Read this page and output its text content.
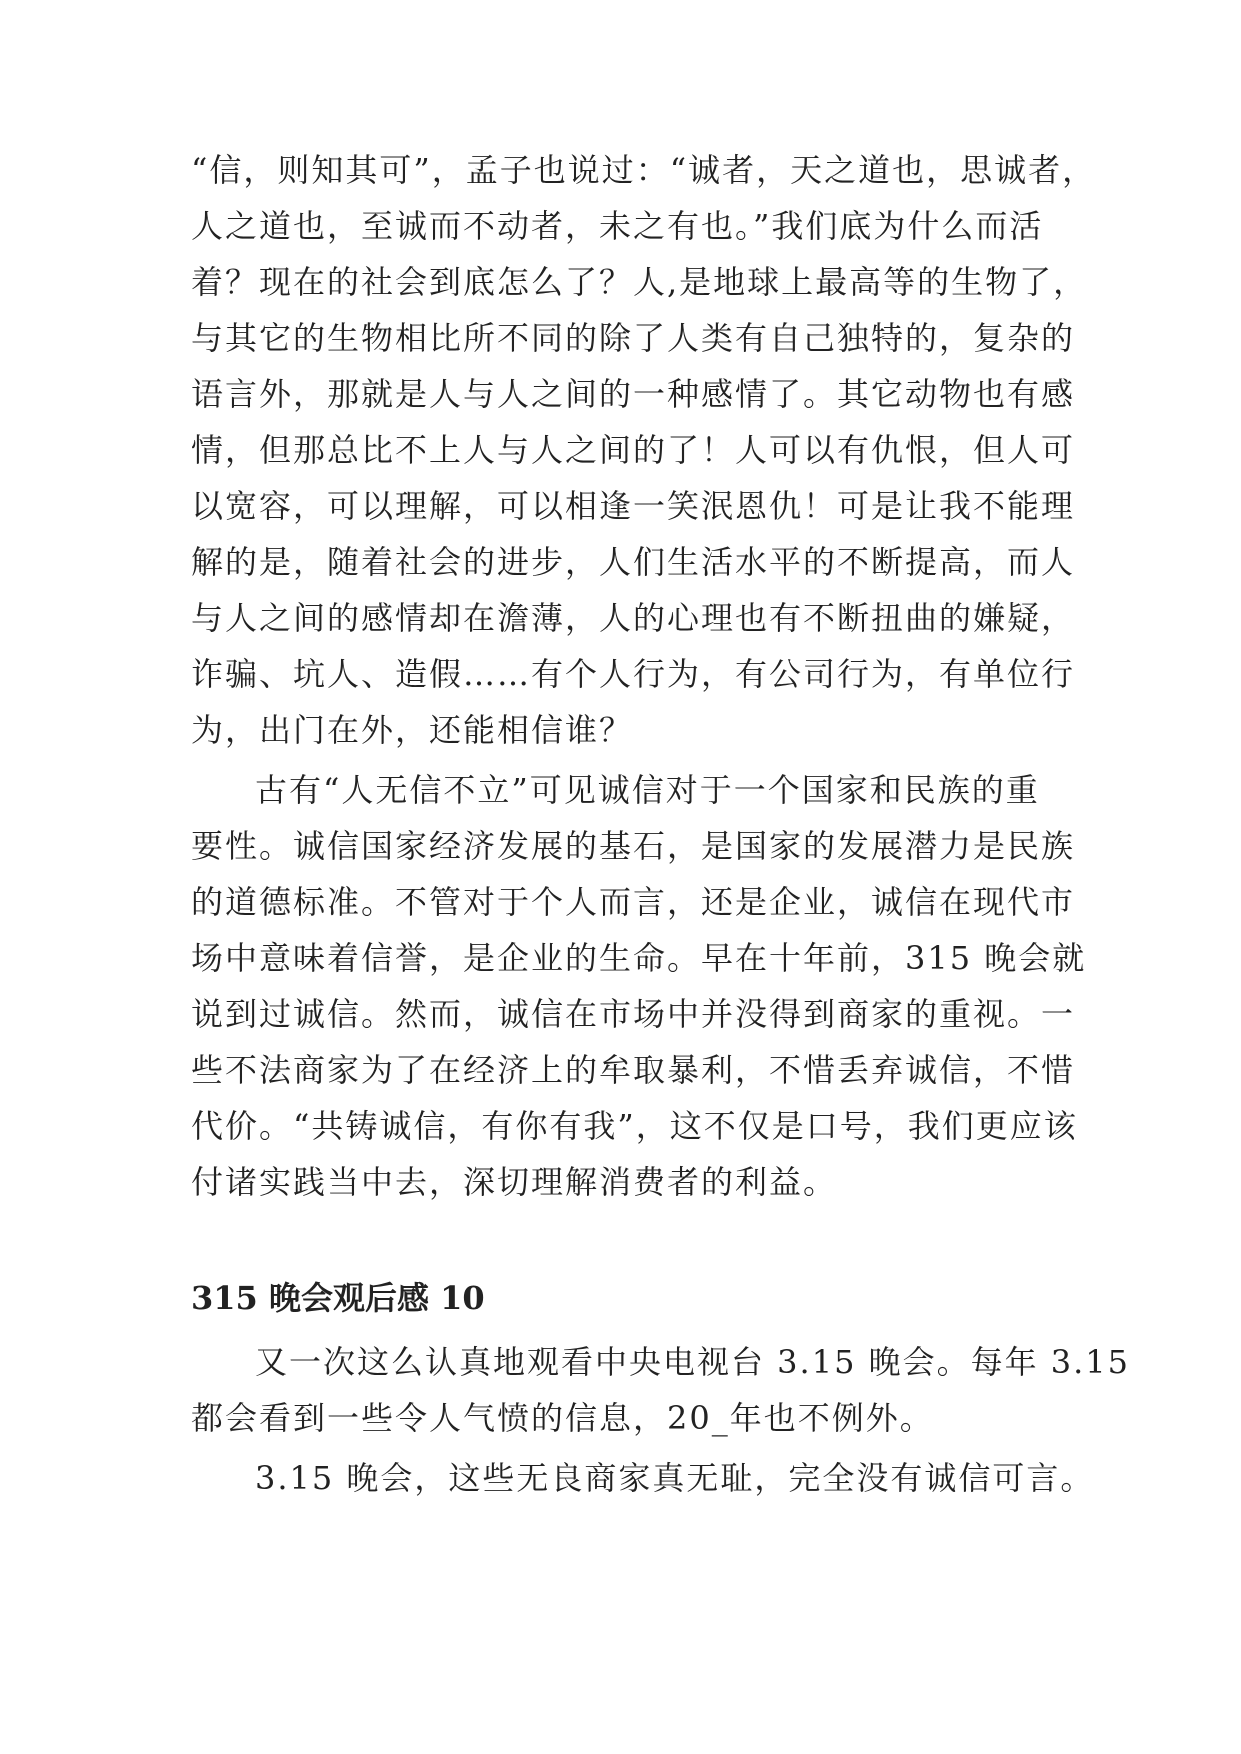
“信，则知其可”，孟子也说过：“诚者，天之道也，思诚者，

人之道也，至诚而不动者，未之有也。”我们底为什么而活

着？现在的社会到底怎么了？人,是地球上最高等的生物了，

与其它的生物相比所不同的除了人类有自己独特的，复杂的

语言外，那就是人与人之间的一种感情了。其它动物也有感

情，但那总比不上人与人之间的了！人可以有仇恨，但人可

以宽容，可以理解，可以相逢一笑泯恩仇！可是让我不能理

解的是，随着社会的进步，人们生活水平的不断提高，而人

与人之间的感情却在澹薄，人的心理也有不断扭曲的嫌疑，

诈骗、坑人、造假……有个人行为，有公司行为，有单位行

为，出门在外，还能相信谁？

古有“人无信不立”可见诚信对于一个国家和民族的重

要性。诚信国家经济发展的基石，是国家的发展潜力是民族

的道德标准。不管对于个人而言，还是企业，诚信在现代市

场中意味着信誉，是企业的生命。早在十年前，315 晚会就

说到过诚信。然而，诚信在市场中并没得到商家的重视。一

些不法商家为了在经济上的牟取暴利，不惜丢弃诚信，不惜

代价。“共铸诚信，有你有我”，这不仅是口号，我们更应该

付诸实践当中去，深切理解消费者的利益。

315 晚会观后感 10

又一次这么认真地观看中央电视台 3.15 晚会。每年 3.15

都会看到一些令人气愤的信息，20_年也不例外。

3.15 晚会，这些无良商家真无耻，完全没有诚信可言。
